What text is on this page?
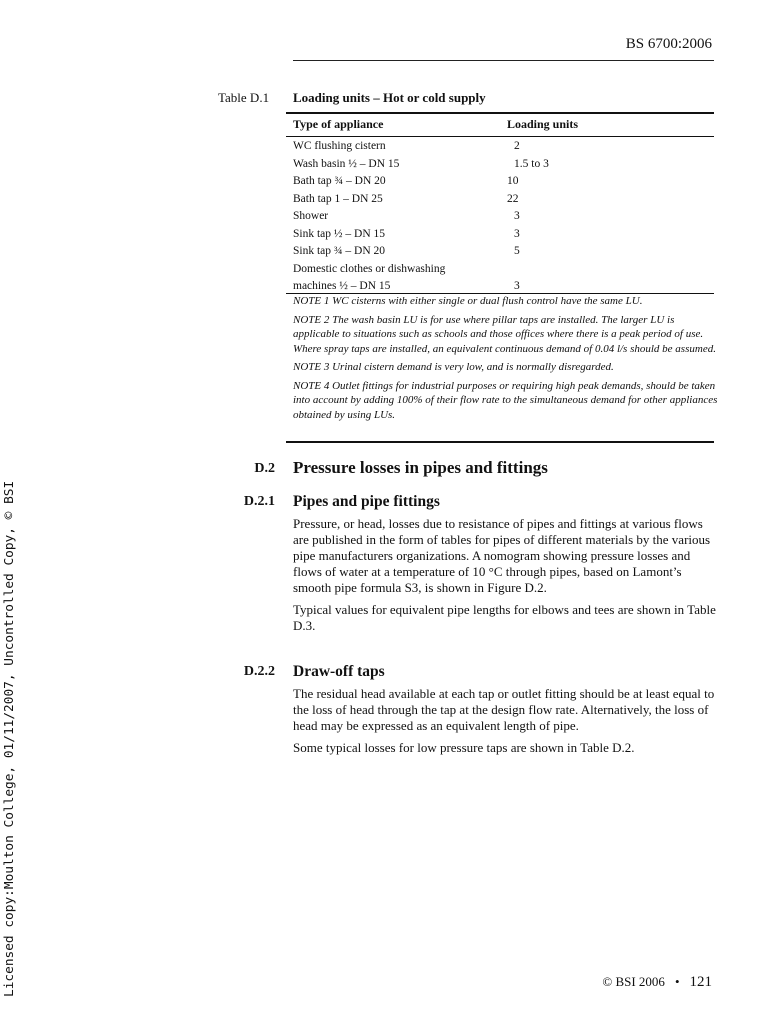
BS 6700:2006
Table D.1 Loading units – Hot or cold supply
Type of appliance	Loading units
WC flushing cistern	2
Wash basin ½ – DN 15	1.5 to 3
Bath tap ¾ – DN 20	10
Bath tap 1 – DN 25	22
Shower	3
Sink tap ½ – DN 15	3
Sink tap ¾ – DN 20	5
Domestic clothes or dishwashing
machines ½ – DN 15	3

NOTE 1 WC cisterns with either single or dual flush control have the same LU.

NOTE 2 The wash basin LU is for use where pillar taps are installed. The larger LU is applicable to situations such as schools and those offices where there is a peak period of use. Where spray taps are installed, an equivalent continuous demand of 0.04 l/s should be assumed.

NOTE 3 Urinal cistern demand is very low, and is normally disregarded.

NOTE 4 Outlet fittings for industrial purposes or requiring high peak demands, should be taken into account by adding 100% of their flow rate to the simultaneous demand for other appliances obtained by using LUs.

D.2 Pressure losses in pipes and fittings
D.2.1 Pipes and pipe fittings

Pressure, or head, losses due to resistance of pipes and fittings at various flows are published in the form of tables for pipes of different materials by the various pipe manufacturers organizations. A nomogram showing pressure losses and flows of water at a temperature of 10 °C through pipes, based on Lamont’s smooth pipe formula S3, is shown in Figure D.2.

Typical values for equivalent pipe lengths for elbows and tees are shown in Table D.3.

D.2.2 Draw-off taps

The residual head available at each tap or outlet fitting should be at least equal to the loss of head through the tap at the design flow rate. Alternatively, the loss of head may be expressed as an equivalent length of pipe.

Some typical losses for low pressure taps are shown in Table D.2.

Licensed copy:Moulton College, 01/11/2007, Uncontrolled Copy, © BSI	© BSI 2006 • 121
